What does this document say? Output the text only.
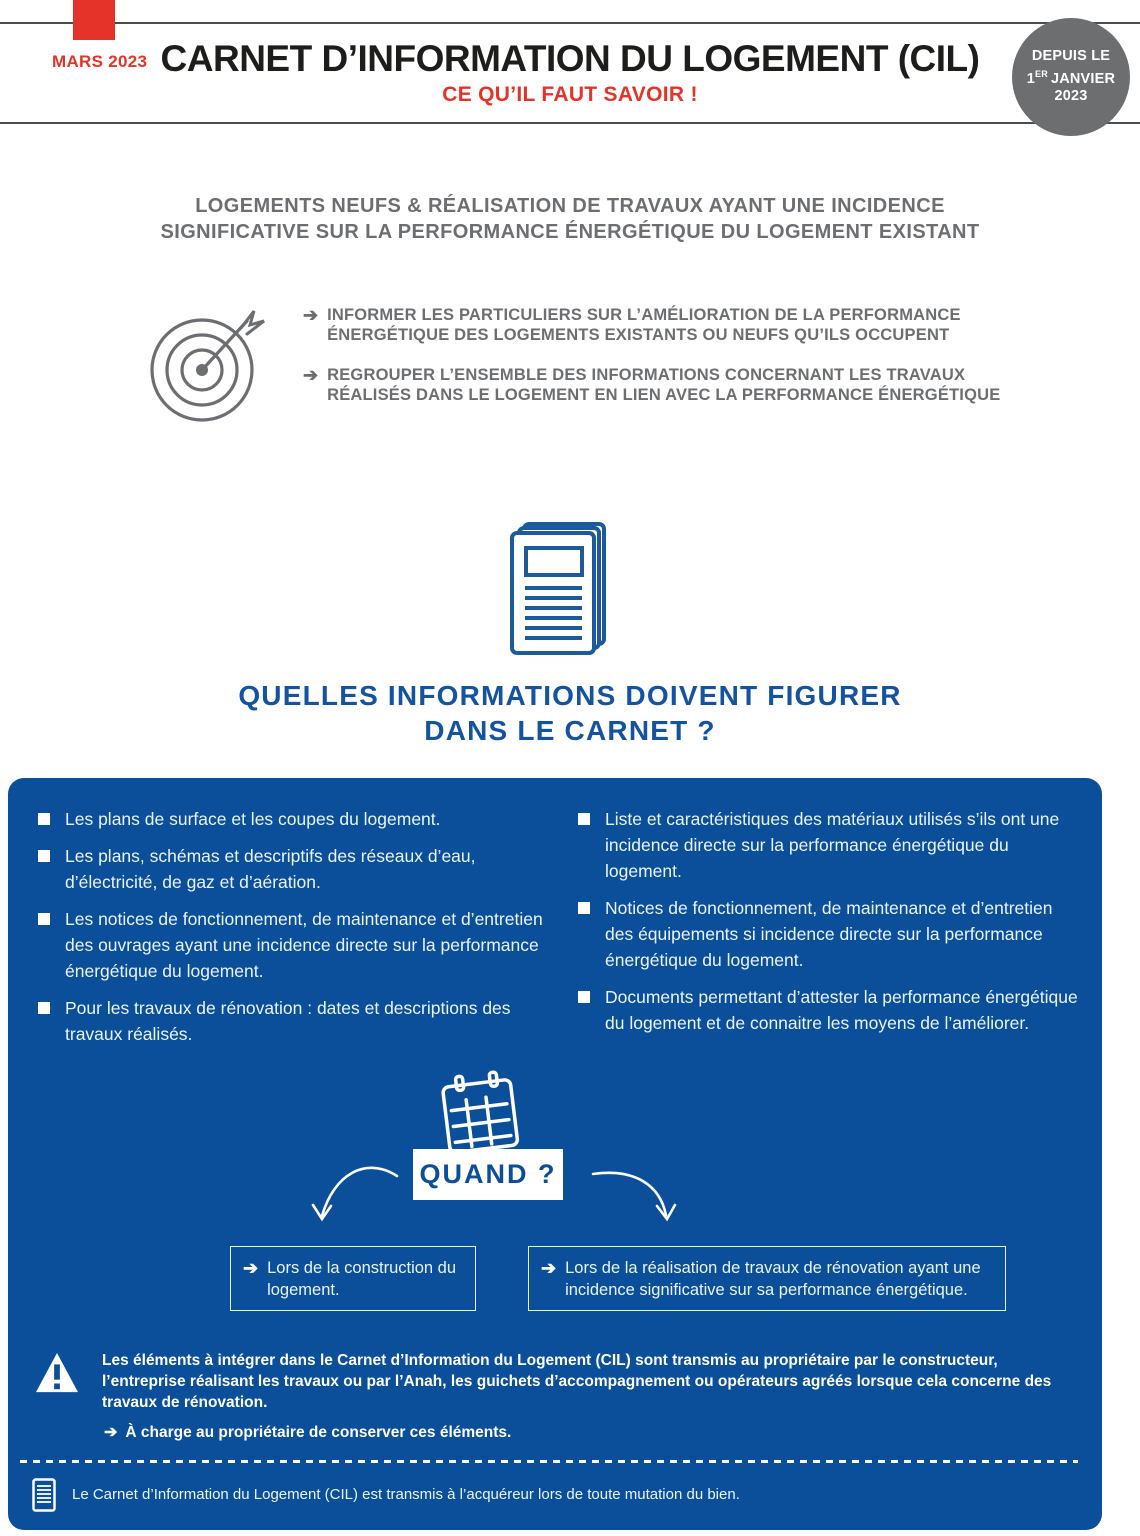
MARS 2023 CARNET D’INFORMATION DU LOGEMENT (CIL)
CE QU’IL FAUT SAVOIR !
DEPUIS LE
1ER JANVIER
2023
LOGEMENTS NEUFS & RÉALISATION DE TRAVAUX AYANT UNE INCIDENCE
SIGNIFICATIVE SUR LA PERFORMANCE ÉNERGÉTIQUE DU LOGEMENT EXISTANT
➔ INFORMER LES PARTICULIERS SUR L’AMÉLIORATION DE LA PERFORMANCE ÉNERGÉTIQUE DES LOGEMENTS EXISTANTS OU NEUFS QU’ILS OCCUPENT
➔ REGROUPER L’ENSEMBLE DES INFORMATIONS CONCERNANT LES TRAVAUX RÉALISÉS DANS LE LOGEMENT EN LIEN AVEC LA PERFORMANCE ÉNERGÉTIQUE
QUELLES INFORMATIONS DOIVENT FIGURER
DANS LE CARNET ?
Les plans de surface et les coupes du logement.
Les plans, schémas et descriptifs des réseaux d’eau, d’électricité, de gaz et d’aération.
Les notices de fonctionnement, de maintenance et d’entretien des ouvrages ayant une incidence directe sur la performance énergétique du logement.
Pour les travaux de rénovation : dates et descriptions des travaux réalisés.
Liste et caractéristiques des matériaux utilisés s’ils ont une incidence directe sur la performance énergétique du logement.
Notices de fonctionnement, de maintenance et d’entretien des équipements si incidence directe sur la performance énergétique du logement.
Documents permettant d’attester la performance énergétique du logement et de connaitre les moyens de l’améliorer.
QUAND ?
➔ Lors de la construction du logement.
➔ Lors de la réalisation de travaux de rénovation ayant une incidence significative sur sa performance énergétique.
Les éléments à intégrer dans le Carnet d’Information du Logement (CIL) sont transmis au propriétaire par le constructeur, l’entreprise réalisant les travaux ou par l’Anah, les guichets d’accompagnement ou opérateurs agréés lorsque cela concerne des travaux de rénovation.
➔ À charge au propriétaire de conserver ces éléments.
Le Carnet d’Information du Logement (CIL) est transmis à l’acquéreur lors de toute mutation du bien.
